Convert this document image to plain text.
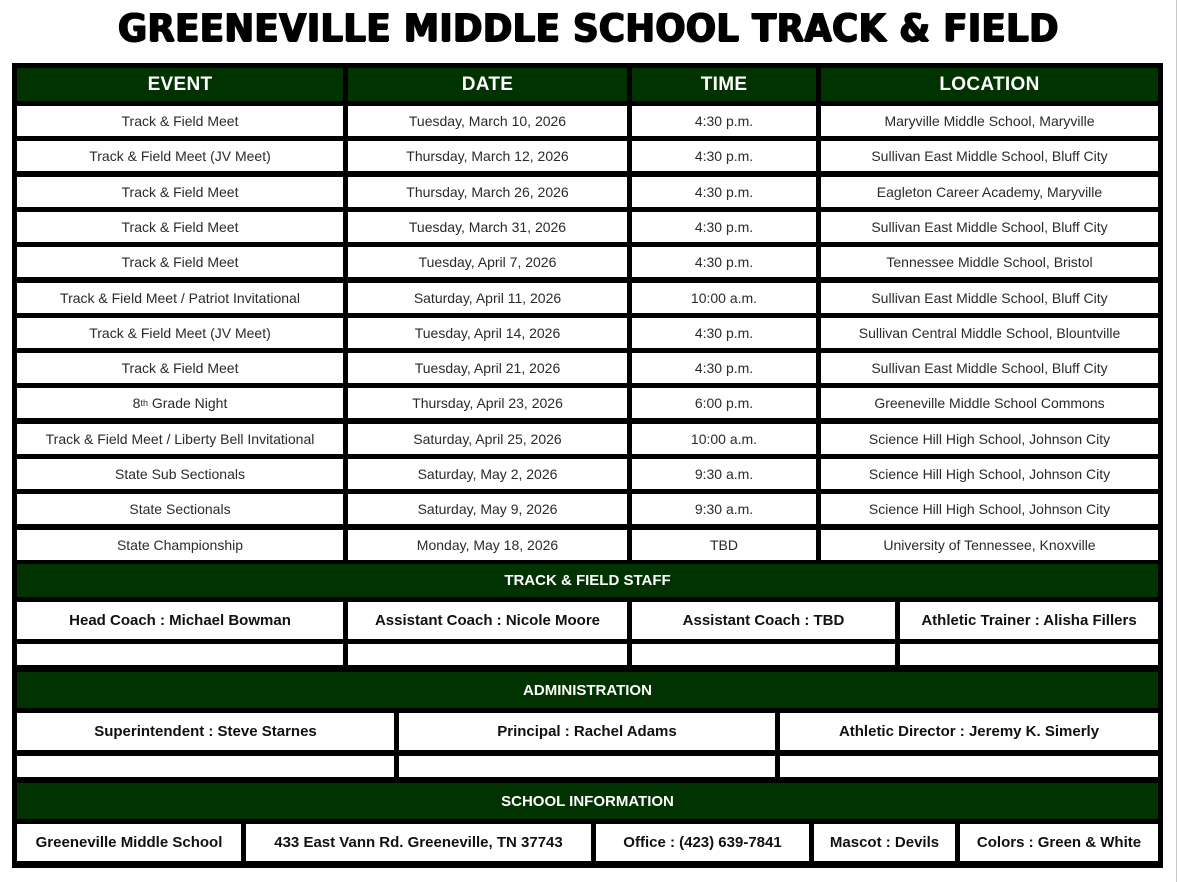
GREENEVILLE MIDDLE SCHOOL TRACK & FIELD
EVENT	DATE	TIME	LOCATION
Track & Field Meet	Tuesday, March 10, 2026	4:30 p.m.	Maryville Middle School, Maryville
Track & Field Meet (JV Meet)	Thursday, March 12, 2026	4:30 p.m.	Sullivan East Middle School, Bluff City
Track & Field Meet	Thursday, March 26, 2026	4:30 p.m.	Eagleton Career Academy, Maryville
Track & Field Meet	Tuesday, March 31, 2026	4:30 p.m.	Sullivan East Middle School, Bluff City
Track & Field Meet	Tuesday, April 7, 2026	4:30 p.m.	Tennessee Middle School, Bristol
Track & Field Meet / Patriot Invitational	Saturday, April 11, 2026	10:00 a.m.	Sullivan East Middle School, Bluff City
Track & Field Meet (JV Meet)	Tuesday, April 14, 2026	4:30 p.m.	Sullivan Central Middle School, Blountville
Track & Field Meet	Tuesday, April 21, 2026	4:30 p.m.	Sullivan East Middle School, Bluff City
8 th Grade Night	Thursday, April 23, 2026	6:00 p.m.	Greeneville Middle School Commons
Track & Field Meet / Liberty Bell Invitational	Saturday, April 25, 2026	10:00 a.m.	Science Hill High School, Johnson City
State Sub Sectionals	Saturday, May 2, 2026	9:30 a.m.	Science Hill High School, Johnson City
State Sectionals	Saturday, May 9, 2026	9:30 a.m.	Science Hill High School, Johnson City
State Championship	Monday, May 18, 2026	TBD	University of Tennessee, Knoxville
TRACK & FIELD STAFF
Head Coach : Michael Bowman	Assistant Coach : Nicole Moore	Assistant Coach : TBD	Athletic Trainer : Alisha Fillers
ADMINISTRATION
Superintendent : Steve Starnes	Principal : Rachel Adams	Athletic Director : Jeremy K. Simerly
SCHOOL INFORMATION
Greeneville Middle School	433 East Vann Rd. Greeneville, TN 37743	Office : (423) 639-7841	Mascot : Devils	Colors : Green & White
